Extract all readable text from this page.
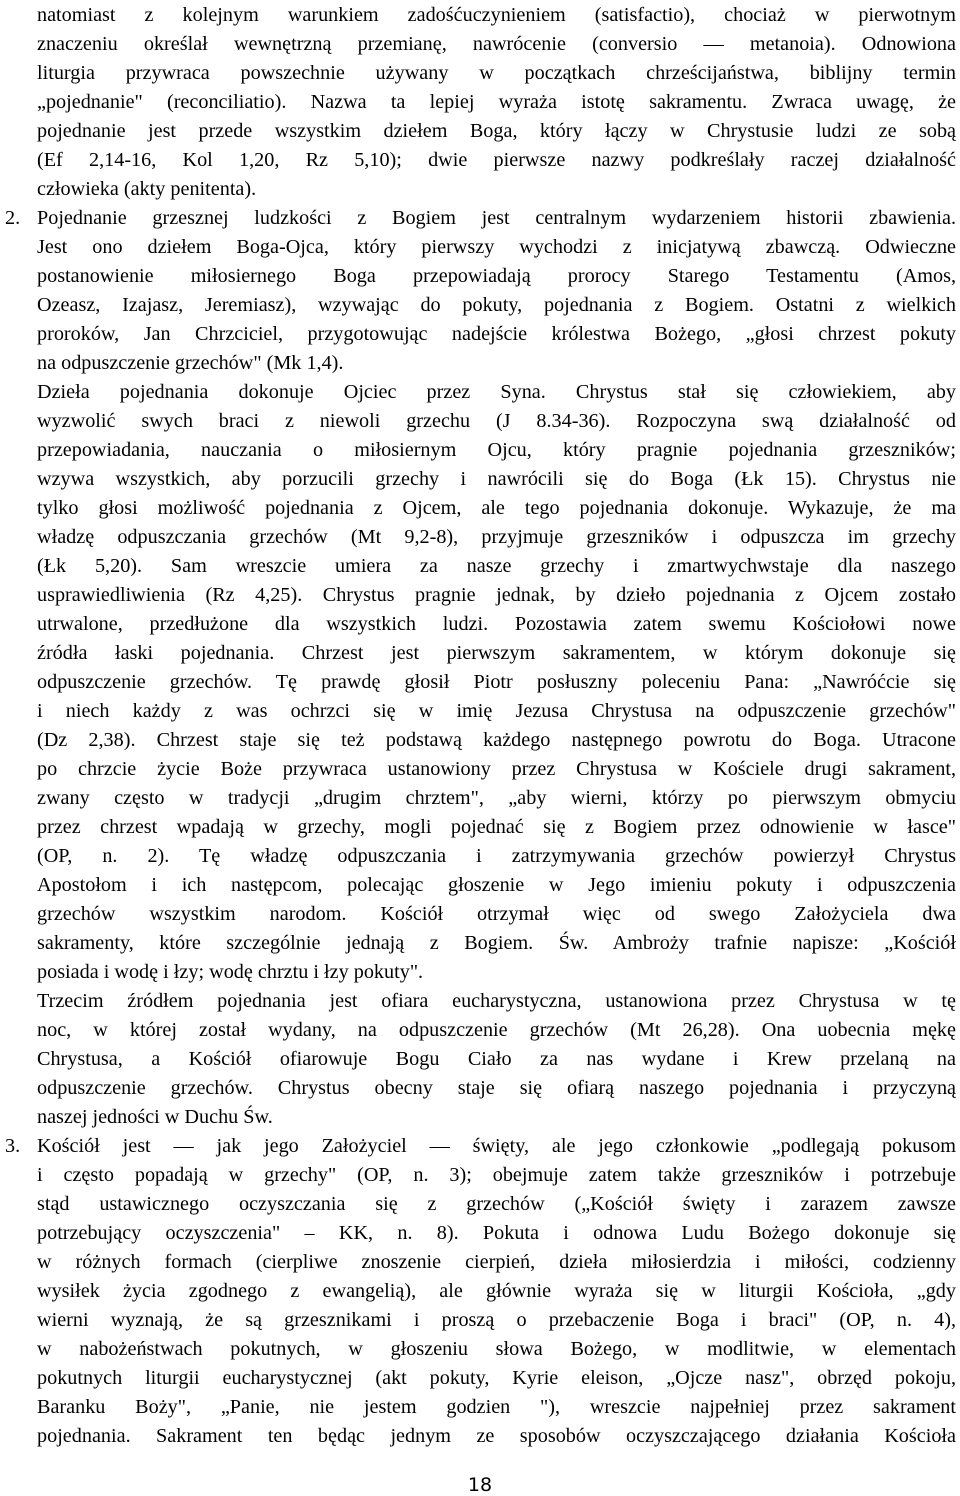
natomiast z kolejnym warunkiem zadośćuczynieniem (satisfactio), chociaż w pierwotnym
znaczeniu określał wewnętrzną przemianę, nawrócenie (conversio — metanoia). Odnowiona
liturgia przywraca powszechnie używany w początkach chrześcijaństwa, biblijny termin
„pojednanie" (reconciliatio). Nazwa ta lepiej wyraża istotę sakramentu. Zwraca uwagę, że
pojednanie jest przede wszystkim dziełem Boga, który łączy w Chrystusie ludzi ze sobą
(Ef 2,14-16, Kol 1,20, Rz 5,10); dwie pierwsze nazwy podkreślały raczej działalność
człowieka (akty penitenta).
2. Pojednanie grzesznej ludzkości z Bogiem jest centralnym wydarzeniem historii zbawienia.
Jest ono dziełem Boga-Ojca, który pierwszy wychodzi z inicjatywą zbawczą. Odwieczne
postanowienie miłosiernego Boga przepowiadają prorocy Starego Testamentu (Amos,
Ozeasz, Izajasz, Jeremiasz), wzywając do pokuty, pojednania z Bogiem. Ostatni z wielkich
proroków, Jan Chrzciciel, przygotowując nadejście królestwa Bożego, „głosi chrzest pokuty
na odpuszczenie grzechów" (Mk 1,4).
Dzieła pojednania dokonuje Ojciec przez Syna. Chrystus stał się człowiekiem, aby
wyzwolić swych braci z niewoli grzechu (J 8.34-36). Rozpoczyna swą działalność od
przepowiadania, nauczania o miłosiernym Ojcu, który pragnie pojednania grzeszników;
wzywa wszystkich, aby porzucili grzechy i nawrócili się do Boga (Łk 15). Chrystus nie
tylko głosi możliwość pojednania z Ojcem, ale tego pojednania dokonuje. Wykazuje, że ma
władzę odpuszczania grzechów (Mt 9,2-8), przyjmuje grzeszników i odpuszcza im grzechy
(Łk 5,20). Sam wreszcie umiera za nasze grzechy i zmartwychwstaje dla naszego
usprawiedliwienia (Rz 4,25). Chrystus pragnie jednak, by dzieło pojednania z Ojcem zostało
utrwalone, przedłużone dla wszystkich ludzi. Pozostawia zatem swemu Kościołowi nowe
źródła łaski pojednania. Chrzest jest pierwszym sakramentem, w którym dokonuje się
odpuszczenie grzechów. Tę prawdę głosił Piotr posłuszny poleceniu Pana: „Nawróćcie się
i niech każdy z was ochrzci się w imię Jezusa Chrystusa na odpuszczenie grzechów"
(Dz 2,38). Chrzest staje się też podstawą każdego następnego powrotu do Boga. Utracone
po chrzcie życie Boże przywraca ustanowiony przez Chrystusa w Kościele drugi sakrament,
zwany często w tradycji „drugim chrztem", „aby wierni, którzy po pierwszym obmyciu
przez chrzest wpadają w grzechy, mogli pojednać się z Bogiem przez odnowienie w łasce"
(OP, n. 2). Tę władzę odpuszczania i zatrzymywania grzechów powierzył Chrystus
Apostołom i ich następcom, polecając głoszenie w Jego imieniu pokuty i odpuszczenia
grzechów wszystkim narodom. Kościół otrzymał więc od swego Założyciela dwa
sakramenty, które szczególnie jednają z Bogiem. Św. Ambroży trafnie napisze: „Kościół
posiada i wodę i łzy; wodę chrztu i łzy pokuty".
Trzecim źródłem pojednania jest ofiara eucharystyczna, ustanowiona przez Chrystusa w tę
noc, w której został wydany, na odpuszczenie grzechów (Mt 26,28). Ona uobecnia mękę
Chrystusa, a Kościół ofiarowuje Bogu Ciało za nas wydane i Krew przelaną na
odpuszczenie grzechów. Chrystus obecny staje się ofiarą naszego pojednania i przyczyną
naszej jedności w Duchu Św.
3. Kościół jest — jak jego Założyciel — święty, ale jego członkowie „podlegają pokusom
i często popadają w grzechy" (OP, n. 3); obejmuje zatem także grzeszników i potrzebuje
stąd ustawicznego oczyszczania się z grzechów („Kościół święty i zarazem zawsze
potrzebujący oczyszczenia" – KK, n. 8). Pokuta i odnowa Ludu Bożego dokonuje się
w różnych formach (cierpliwe znoszenie cierpień, dzieła miłosierdzia i miłości, codzienny
wysiłek życia zgodnego z ewangelią), ale głównie wyraża się w liturgii Kościoła, „gdy
wierni wyznają, że są grzesznikami i proszą o przebaczenie Boga i braci" (OP, n. 4),
w nabożeństwach pokutnych, w głoszeniu słowa Bożego, w modlitwie, w elementach
pokutnych liturgii eucharystycznej (akt pokuty, Kyrie eleison, „Ojcze nasz", obrzęd pokoju,
Baranku Boży", „Panie, nie jestem godzien "), wreszcie najpełniej przez sakrament
pojednania. Sakrament ten będąc jednym ze sposobów oczyszczającego działania Kościoła
18
